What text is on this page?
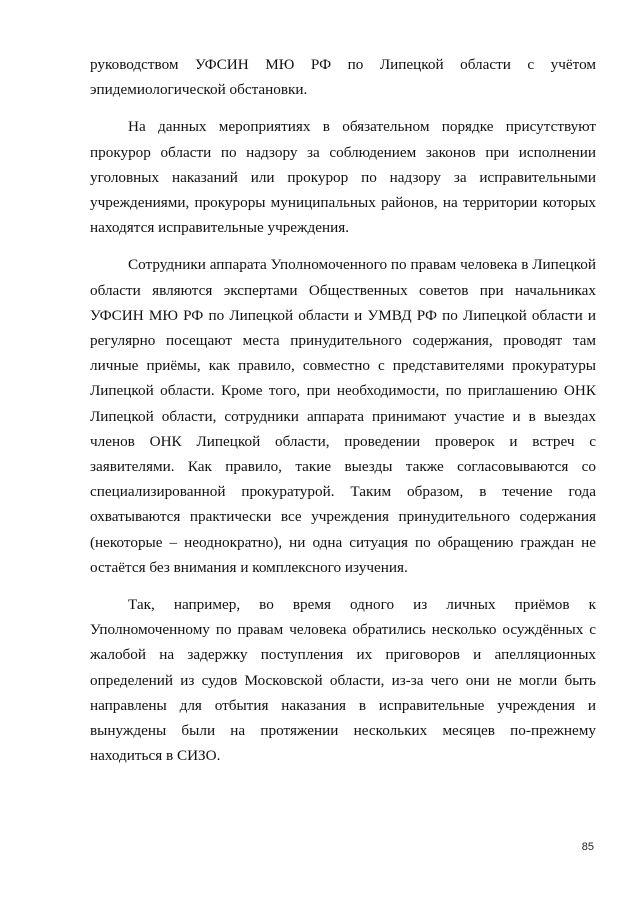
руководством УФСИН МЮ РФ по Липецкой области с учётом эпидемиологической обстановки.

На данных мероприятиях в обязательном порядке присутствуют прокурор области по надзору за соблюдением законов при исполнении уголовных наказаний или прокурор по надзору за исправительными учреждениями, прокуроры муниципальных районов, на территории которых находятся исправительные учреждения.

Сотрудники аппарата Уполномоченного по правам человека в Липецкой области являются экспертами Общественных советов при начальниках УФСИН МЮ РФ по Липецкой области и УМВД РФ по Липецкой области и регулярно посещают места принудительного содержания, проводят там личные приёмы, как правило, совместно с представителями прокуратуры Липецкой области. Кроме того, при необходимости, по приглашению ОНК Липецкой области, сотрудники аппарата принимают участие и в выездах членов ОНК Липецкой области, проведении проверок и встреч с заявителями. Как правило, такие выезды также согласовываются со специализированной прокуратурой. Таким образом, в течение года охватываются практически все учреждения принудительного содержания (некоторые – неоднократно), ни одна ситуация по обращению граждан не остаётся без внимания и комплексного изучения.

Так, например, во время одного из личных приёмов к Уполномоченному по правам человека обратились несколько осуждённых с жалобой на задержку поступления их приговоров и апелляционных определений из судов Московской области, из-за чего они не могли быть направлены для отбытия наказания в исправительные учреждения и вынуждены были на протяжении нескольких месяцев по-прежнему находиться в СИЗО.

85
